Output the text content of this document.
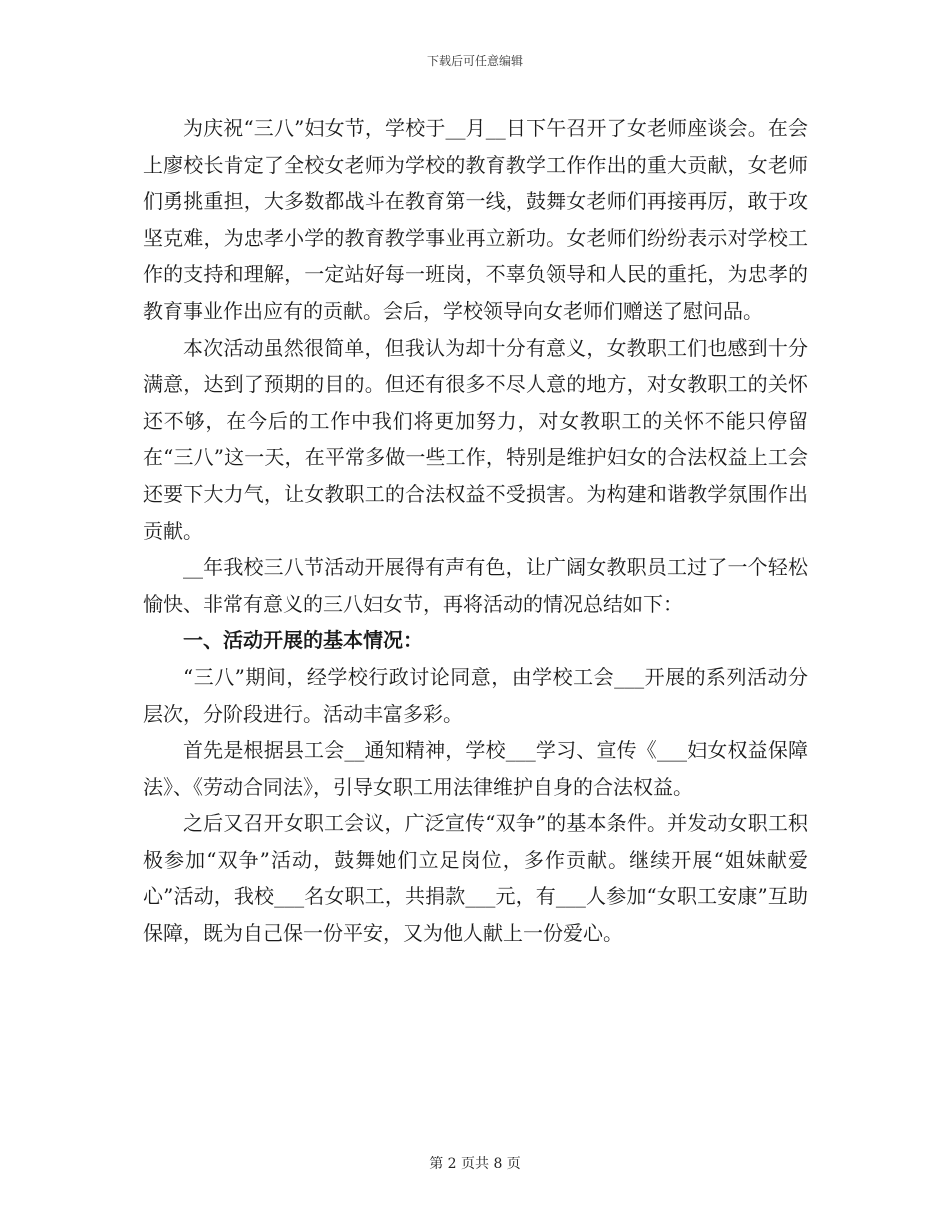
下载后可任意编辑

为庆祝“三八”妇女节，学校于__月__日下午召开了女老师座谈会。在会上廖校长肯定了全校女老师为学校的教育教学工作作出的重大贡献，女老师们勇挑重担，大多数都战斗在教育第一线，鼓舞女老师们再接再厉，敢于攻坚克难，为忠孝小学的教育教学事业再立新功。女老师们纷纷表示对学校工作的支持和理解，一定站好每一班岗，不辜负领导和人民的重托，为忠孝的教育事业作出应有的贡献。会后，学校领导向女老师们赠送了慰问品。

本次活动虽然很简单，但我认为却十分有意义，女教职工们也感到十分满意，达到了预期的目的。但还有很多不尽人意的地方，对女教职工的关怀还不够，在今后的工作中我们将更加努力，对女教职工的关怀不能只停留在“三八”这一天，在平常多做一些工作，特别是维护妇女的合法权益上工会还要下大力气，让女教职工的合法权益不受损害。为构建和谐教学氛围作出贡献。

__年我校三八节活动开展得有声有色，让广阔女教职员工过了一个轻松愉快、非常有意义的三八妇女节，再将活动的情况总结如下：

一、活动开展的基本情况：

“三八”期间，经学校行政讨论同意，由学校工会___开展的系列活动分层次，分阶段进行。活动丰富多彩。

首先是根据县工会__通知精神，学校___学习、宣传《___妇女权益保障法》、《劳动合同法》，引导女职工用法律维护自身的合法权益。

之后又召开女职工会议，广泛宣传“双争”的基本条件。并发动女职工积极参加“双争”活动，鼓舞她们立足岗位，多作贡献。继续开展“姐妹献爱心”活动，我校___名女职工，共捐款___元，有___人参加“女职工安康”互助保障，既为自己保一份平安，又为他人献上一份爱心。

第 2 页共 8 页
